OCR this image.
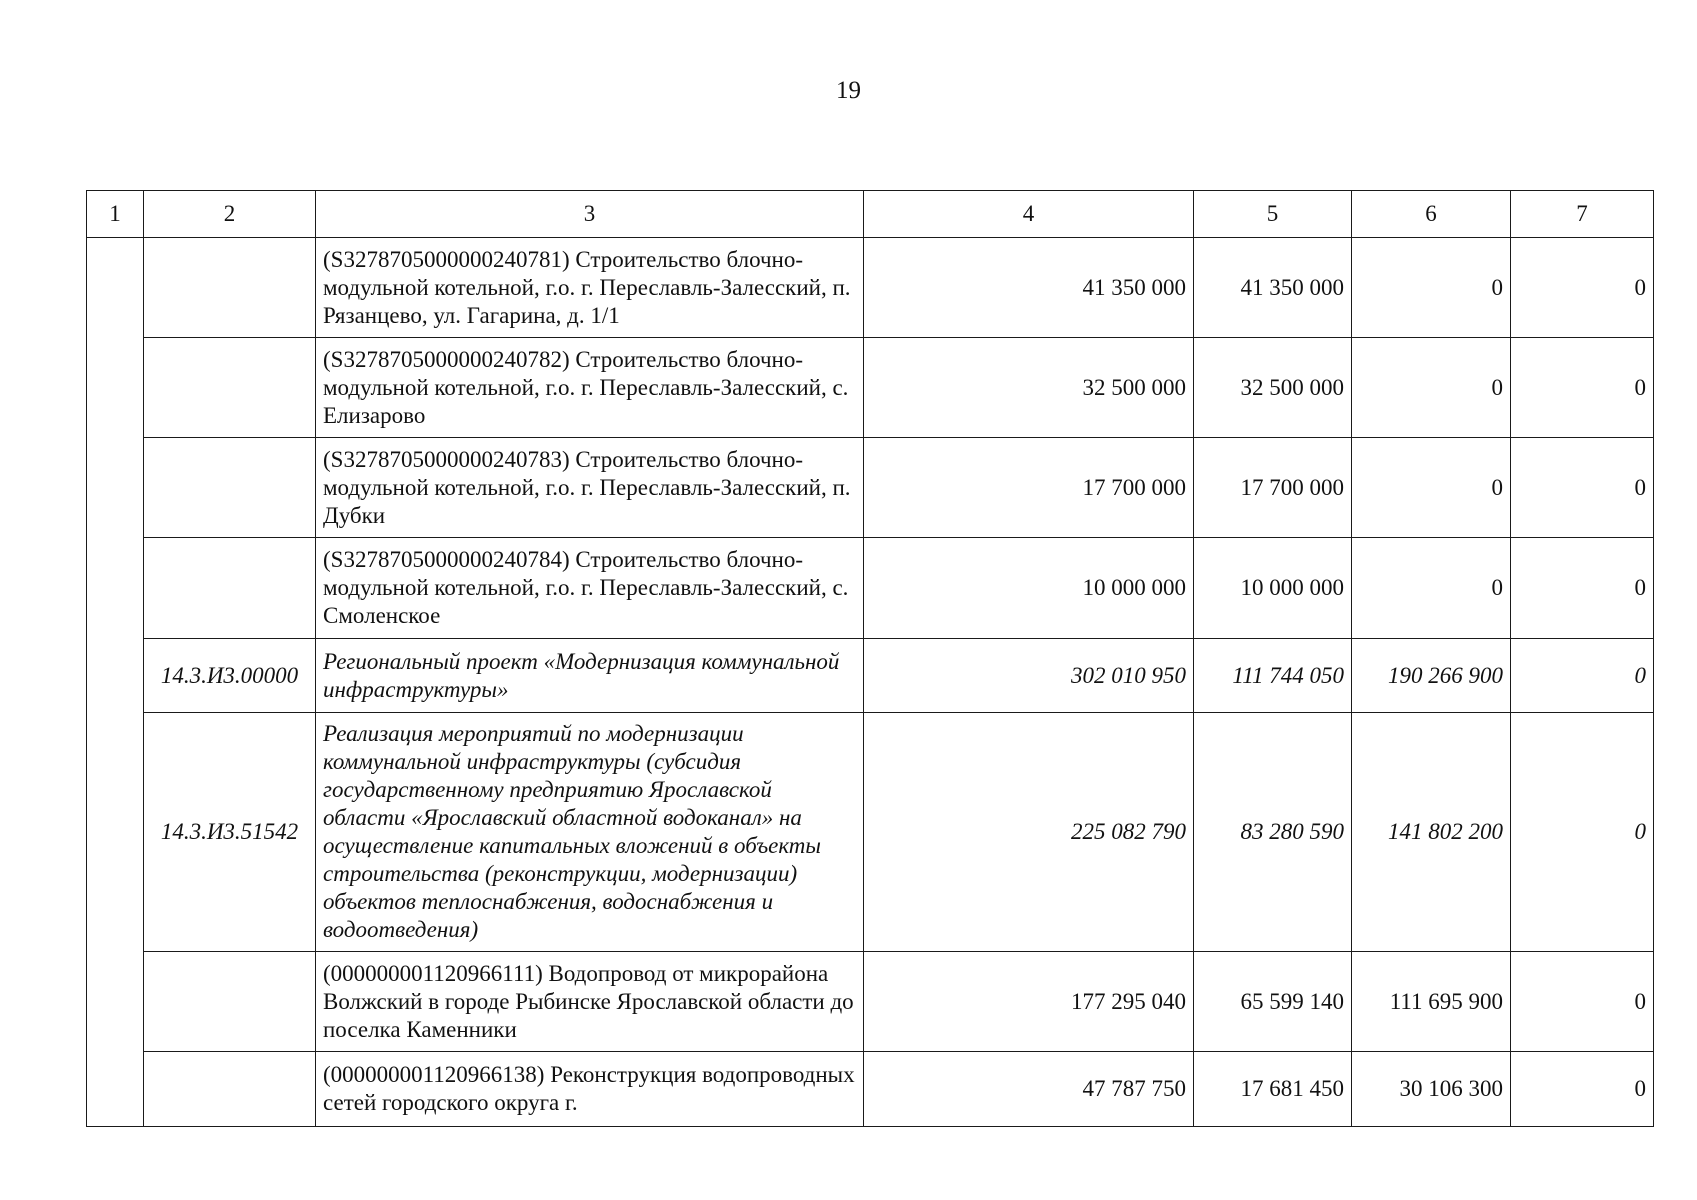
19
1	2	3	4	5	6	7
		(S3278705000000240781) Строительство блочно-модульной котельной, г.о. г. Переславль-Залесский, п. Рязанцево, ул. Гагарина, д. 1/1	41 350 000	41 350 000	0	0
		(S3278705000000240782) Строительство блочно-модульной котельной, г.о. г. Переславль-Залесский, с. Елизарово	32 500 000	32 500 000	0	0
		(S3278705000000240783) Строительство блочно-модульной котельной, г.о. г. Переславль-Залесский, п. Дубки	17 700 000	17 700 000	0	0
		(S3278705000000240784) Строительство блочно-модульной котельной, г.о. г. Переславль-Залесский, с. Смоленское	10 000 000	10 000 000	0	0
	14.3.И3.00000	Региональный проект «Модернизация коммунальной инфраструктуры»	302 010 950	111 744 050	190 266 900	0
	14.3.И3.51542	Реализация мероприятий по модернизации коммунальной инфраструктуры (субсидия государственному предприятию Ярославской области «Ярославский областной водоканал» на осуществление капитальных вложений в объекты строительства (реконструкции, модернизации) объектов теплоснабжения, водоснабжения и водоотведения)	225 082 790	83 280 590	141 802 200	0
		(000000001120966111) Водопровод от микрорайона Волжский в городе Рыбинске Ярославской области до поселка Каменники	177 295 040	65 599 140	111 695 900	0
		(000000001120966138) Реконструкция водопроводных сетей городского округа г.	47 787 750	17 681 450	30 106 300	0
